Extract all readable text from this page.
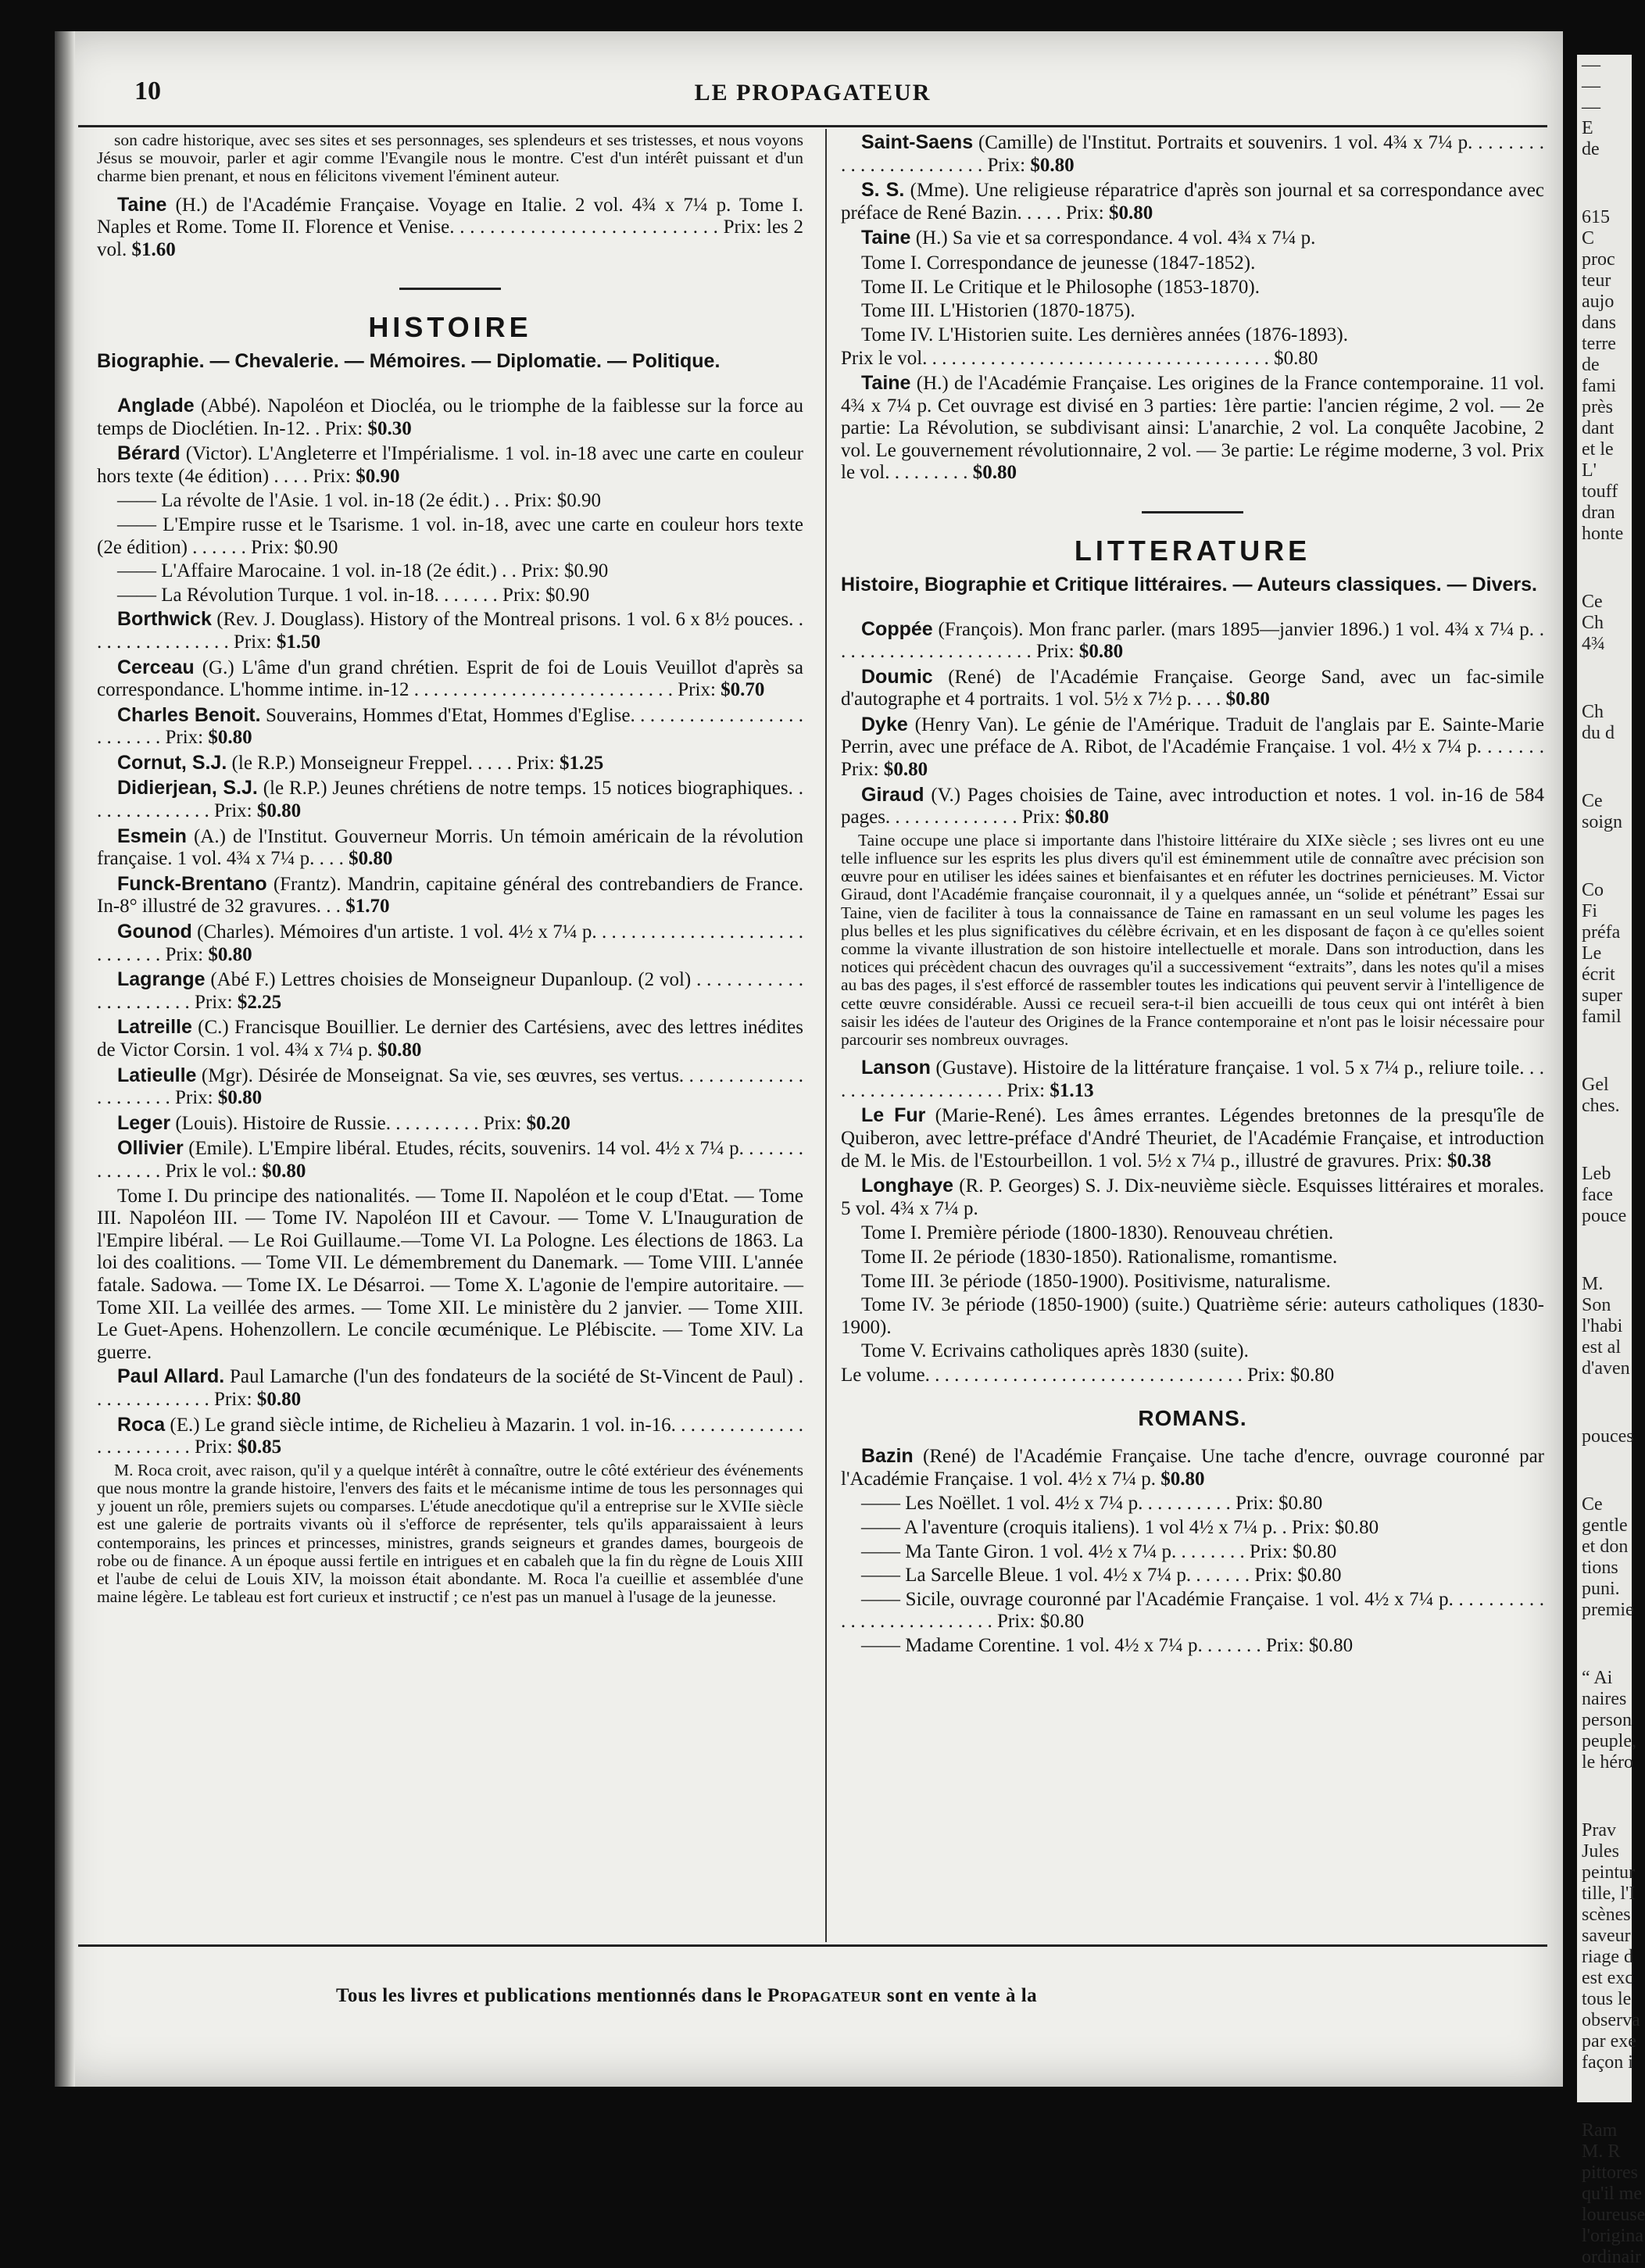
—
—
—
E
de
615
C
proc
teur
aujo
dans
terre
de
fami
près
dant
et le
L'
touff
dran
honte
Ce
Ch
4¾
Ch
du d
Ce
soign
Co
Fi
préfa
Le
écrit
super
famil
Gel
ches.
Leb
face
pouce
M.
Son
l'habi
est al
d'aven
pouces
Ce
gentle
et don
tions
puni.
premie
“ Ai
naires
person
peuple,
le héro
Prav
Jules
peintur
tille, l'I
scènes
saveur
riage d
est exc
tous le
observa
par exe
façon i
Ram
M. R
pittores
qu'il me
loureuse
l'origina
ordinair
10	LE PROPAGATEUR

son cadre historique, avec ses sites et ses personnages, ses splendeurs et ses tristesses, et nous voyons Jésus se mouvoir, parler et agir comme l'Evangile nous le montre. C'est d'un intérêt puissant et d'un charme bien prenant, et nous en félicitons vivement l'éminent auteur.

Taine (H.) de l'Académie Française. Voyage en Italie. 2 vol. 4¾ x 7¼ p. Tome I. Naples et Rome. Tome II. Florence et Venise. . . . . . . . . . . . . . . . . . . . . . . . . . . Prix: les 2 vol. $1.60

HISTOIRE
Biographie. — Chevalerie. — Mémoires. — Diplomatie. — Politique.

Anglade (Abbé). Napoléon et Diocléa, ou le triomphe de la faiblesse sur la force au temps de Dioclétien. In-12. . Prix: $0.30

Bérard (Victor). L'Angleterre et l'Impérialisme. 1 vol. in-18 avec une carte en couleur hors texte (4e édition) . . . . Prix: $0.90

—— La révolte de l'Asie. 1 vol. in-18 (2e édit.) . . Prix: $0.90

—— L'Empire russe et le Tsarisme. 1 vol. in-18, avec une carte en couleur hors texte (2e édition) . . . . . . Prix: $0.90

—— L'Affaire Marocaine. 1 vol. in-18 (2e édit.) . . Prix: $0.90

—— La Révolution Turque. 1 vol. in-18. . . . . . . Prix: $0.90

Borthwick (Rev. J. Douglass). History of the Montreal prisons. 1 vol. 6 x 8½ pouces. . . . . . . . . . . . . . . . Prix: $1.50

Cerceau (G.) L'âme d'un grand chrétien. Esprit de foi de Louis Veuillot d'après sa correspondance. L'homme intime. in-12 . . . . . . . . . . . . . . . . . . . . . . . . . . . Prix: $0.70

Charles Benoit. Souverains, Hommes d'Etat, Hommes d'Eglise. . . . . . . . . . . . . . . . . . . . . . . . . Prix: $0.80

Cornut, S.J. (le R.P.) Monseigneur Freppel. . . . . Prix: $1.25

Didierjean, S.J. (le R.P.) Jeunes chrétiens de notre temps. 15 notices biographiques. . . . . . . . . . . . . . Prix: $0.80

Esmein (A.) de l'Institut. Gouverneur Morris. Un témoin américain de la révolution française. 1 vol. 4¾ x 7¼ p. . . . $0.80

Funck-Brentano (Frantz). Mandrin, capitaine général des contrebandiers de France. In-8° illustré de 32 gravures. . . $1.70

Gounod (Charles). Mémoires d'un artiste. 1 vol. 4½ x 7¼ p. . . . . . . . . . . . . . . . . . . . . . . . . . . . . Prix: $0.80

Lagrange (Abé F.) Lettres choisies de Monseigneur Dupanloup. (2 vol) . . . . . . . . . . . . . . . . . . . . . Prix: $2.25

Latreille (C.) Francisque Bouillier. Le dernier des Cartésiens, avec des lettres inédites de Victor Corsin. 1 vol. 4¾ x 7¼ p. $0.80

Latieulle (Mgr). Désirée de Monseignat. Sa vie, ses œuvres, ses vertus. . . . . . . . . . . . . . . . . . . . . Prix: $0.80

Leger (Louis). Histoire de Russie. . . . . . . . . . Prix: $0.20

Ollivier (Emile). L'Empire libéral. Etudes, récits, souvenirs. 14 vol. 4½ x 7¼ p. . . . . . . . . . . . . . Prix le vol.: $0.80

Tome I. Du principe des nationalités. — Tome II. Napoléon et le coup d'Etat. — Tome III. Napoléon III. — Tome IV. Napoléon III et Cavour. — Tome V. L'Inauguration de l'Empire libéral. — Le Roi Guillaume.—Tome VI. La Pologne. Les élections de 1863. La loi des coalitions. — Tome VII. Le démembrement du Danemark. — Tome VIII. L'année fatale. Sadowa. — Tome IX. Le Désarroi. — Tome X. L'agonie de l'empire autoritaire. — Tome XII. La veillée des armes. — Tome XII. Le ministère du 2 janvier. — Tome XIII. Le Guet-Apens. Hohenzollern. Le concile œcuménique. Le Plébiscite. — Tome XIV. La guerre.

Paul Allard. Paul Lamarche (l'un des fondateurs de la société de St-Vincent de Paul) . . . . . . . . . . . . . Prix: $0.80

Roca (E.) Le grand siècle intime, de Richelieu à Mazarin. 1 vol. in-16. . . . . . . . . . . . . . . . . . . . . . . . Prix: $0.85

M. Roca croit, avec raison, qu'il y a quelque intérêt à connaître, outre le côté extérieur des événements que nous montre la grande histoire, l'envers des faits et le mécanisme intime de tous les personnages qui y jouent un rôle, premiers sujets ou comparses. L'étude anecdotique qu'il a entreprise sur le XVIIe siècle est une galerie de portraits vivants où il s'efforce de représenter, tels qu'ils apparaissaient à leurs contemporains, les princes et princesses, ministres, grands seigneurs et grandes dames, bourgeois de robe ou de finance. A un époque aussi fertile en intrigues et en cabaleh que la fin du règne de Louis XIII et l'aube de celui de Louis XIV, la moisson était abondante. M. Roca l'a cueillie et assemblée d'une maine légère. Le tableau est fort curieux et instructif ; ce n'est pas un manuel à l'usage de la jeunesse.

Saint-Saens (Camille) de l'Institut. Portraits et souvenirs. 1 vol. 4¾ x 7¼ p. . . . . . . . . . . . . . . . . . . . . . . Prix: $0.80

S. S. (Mme). Une religieuse réparatrice d'après son journal et sa correspondance avec préface de René Bazin. . . . . Prix: $0.80

Taine (H.) Sa vie et sa correspondance. 4 vol. 4¾ x 7¼ p.

Tome I. Correspondance de jeunesse (1847-1852).

Tome II. Le Critique et le Philosophe (1853-1870).

Tome III. L'Historien (1870-1875).

Tome IV. L'Historien suite. Les dernières années (1876-1893).

Prix le vol. . . . . . . . . . . . . . . . . . . . . . . . . . . . . . . . . . . . $0.80

Taine (H.) de l'Académie Française. Les origines de la France contemporaine. 11 vol. 4¾ x 7¼ p. Cet ouvrage est divisé en 3 parties: 1ère partie: l'ancien régime, 2 vol. — 2e partie: La Révolution, se subdivisant ainsi: L'anarchie, 2 vol. La conquête Jacobine, 2 vol. Le gouvernement révolutionnaire, 2 vol. — 3e partie: Le régime moderne, 3 vol. Prix le vol. . . . . . . . . $0.80

LITTERATURE
Histoire, Biographie et Critique littéraires. — Auteurs classiques. — Divers.

Coppée (François). Mon franc parler. (mars 1895—janvier 1896.) 1 vol. 4¾ x 7¼ p. . . . . . . . . . . . . . . . . . . . . . Prix: $0.80

Doumic (René) de l'Académie Française. George Sand, avec un fac-simile d'autographe et 4 portraits. 1 vol. 5½ x 7½ p. . . . $0.80

Dyke (Henry Van). Le génie de l'Amérique. Traduit de l'anglais par E. Sainte-Marie Perrin, avec une préface de A. Ribot, de l'Académie Française. 1 vol. 4½ x 7¼ p. . . . . . . Prix: $0.80

Giraud (V.) Pages choisies de Taine, avec introduction et notes. 1 vol. in-16 de 584 pages. . . . . . . . . . . . . . Prix: $0.80

Taine occupe une place si importante dans l'histoire littéraire du XIXe siècle ; ses livres ont eu une telle influence sur les esprits les plus divers qu'il est éminemment utile de connaître avec précision son œuvre pour en utiliser les idées saines et bienfaisantes et en réfuter les doctrines pernicieuses. M. Victor Giraud, dont l'Académie française couronnait, il y a quelques année, un “solide et pénétrant” Essai sur Taine, vien de faciliter à tous la connaissance de Taine en ramassant en un seul volume les pages les plus belles et les plus significatives du célèbre écrivain, et en les disposant de façon à ce qu'elles soient comme la vivante illustration de son histoire intellectuelle et morale. Dans son introduction, dans les notices qui précèdent chacun des ouvrages qu'il a successivement “extraits”, dans les notes qu'il a mises au bas des pages, il s'est efforcé de rassembler toutes les indications qui peuvent servir à l'intelligence de cette œuvre considérable. Aussi ce recueil sera-t-il bien accueilli de tous ceux qui ont intérêt à bien saisir les idées de l'auteur des Origines de la France contemporaine et n'ont pas le loisir nécessaire pour parcourir ses nombreux ouvrages.

Lanson (Gustave). Histoire de la littérature française. 1 vol. 5 x 7¼ p., reliure toile. . . . . . . . . . . . . . . . . . . . Prix: $1.13

Le Fur (Marie-René). Les âmes errantes. Légendes bretonnes de la presqu'île de Quiberon, avec lettre-préface d'André Theuriet, de l'Académie Française, et introduction de M. le Mis. de l'Estourbeillon. 1 vol. 5½ x 7¼ p., illustré de gravures. Prix: $0.38

Longhaye (R. P. Georges) S. J. Dix-neuvième siècle. Esquisses littéraires et morales. 5 vol. 4¾ x 7¼ p.

Tome I. Première période (1800-1830). Renouveau chrétien.

Tome II. 2e période (1830-1850). Rationalisme, romantisme.

Tome III. 3e période (1850-1900). Positivisme, naturalisme.

Tome IV. 3e période (1850-1900) (suite.) Quatrième série: auteurs catholiques (1830-1900).

Tome V. Ecrivains catholiques après 1830 (suite).

Le volume. . . . . . . . . . . . . . . . . . . . . . . . . . . . . . . . . Prix: $0.80

ROMANS.

Bazin (René) de l'Académie Française. Une tache d'encre, ouvrage couronné par l'Académie Française. 1 vol. 4½ x 7¼ p. $0.80

—— Les Noëllet. 1 vol. 4½ x 7¼ p. . . . . . . . . . Prix: $0.80

—— A l'aventure (croquis italiens). 1 vol 4½ x 7¼ p. . Prix: $0.80

—— Ma Tante Giron. 1 vol. 4½ x 7¼ p. . . . . . . . Prix: $0.80

—— La Sarcelle Bleue. 1 vol. 4½ x 7¼ p. . . . . . . Prix: $0.80

—— Sicile, ouvrage couronné par l'Académie Française. 1 vol. 4½ x 7¼ p. . . . . . . . . . . . . . . . . . . . . . . . . . Prix: $0.80

—— Madame Corentine. 1 vol. 4½ x 7¼ p. . . . . . . Prix: $0.80

Tous les livres et publications mentionnés dans le Propagateur sont en vente à la
